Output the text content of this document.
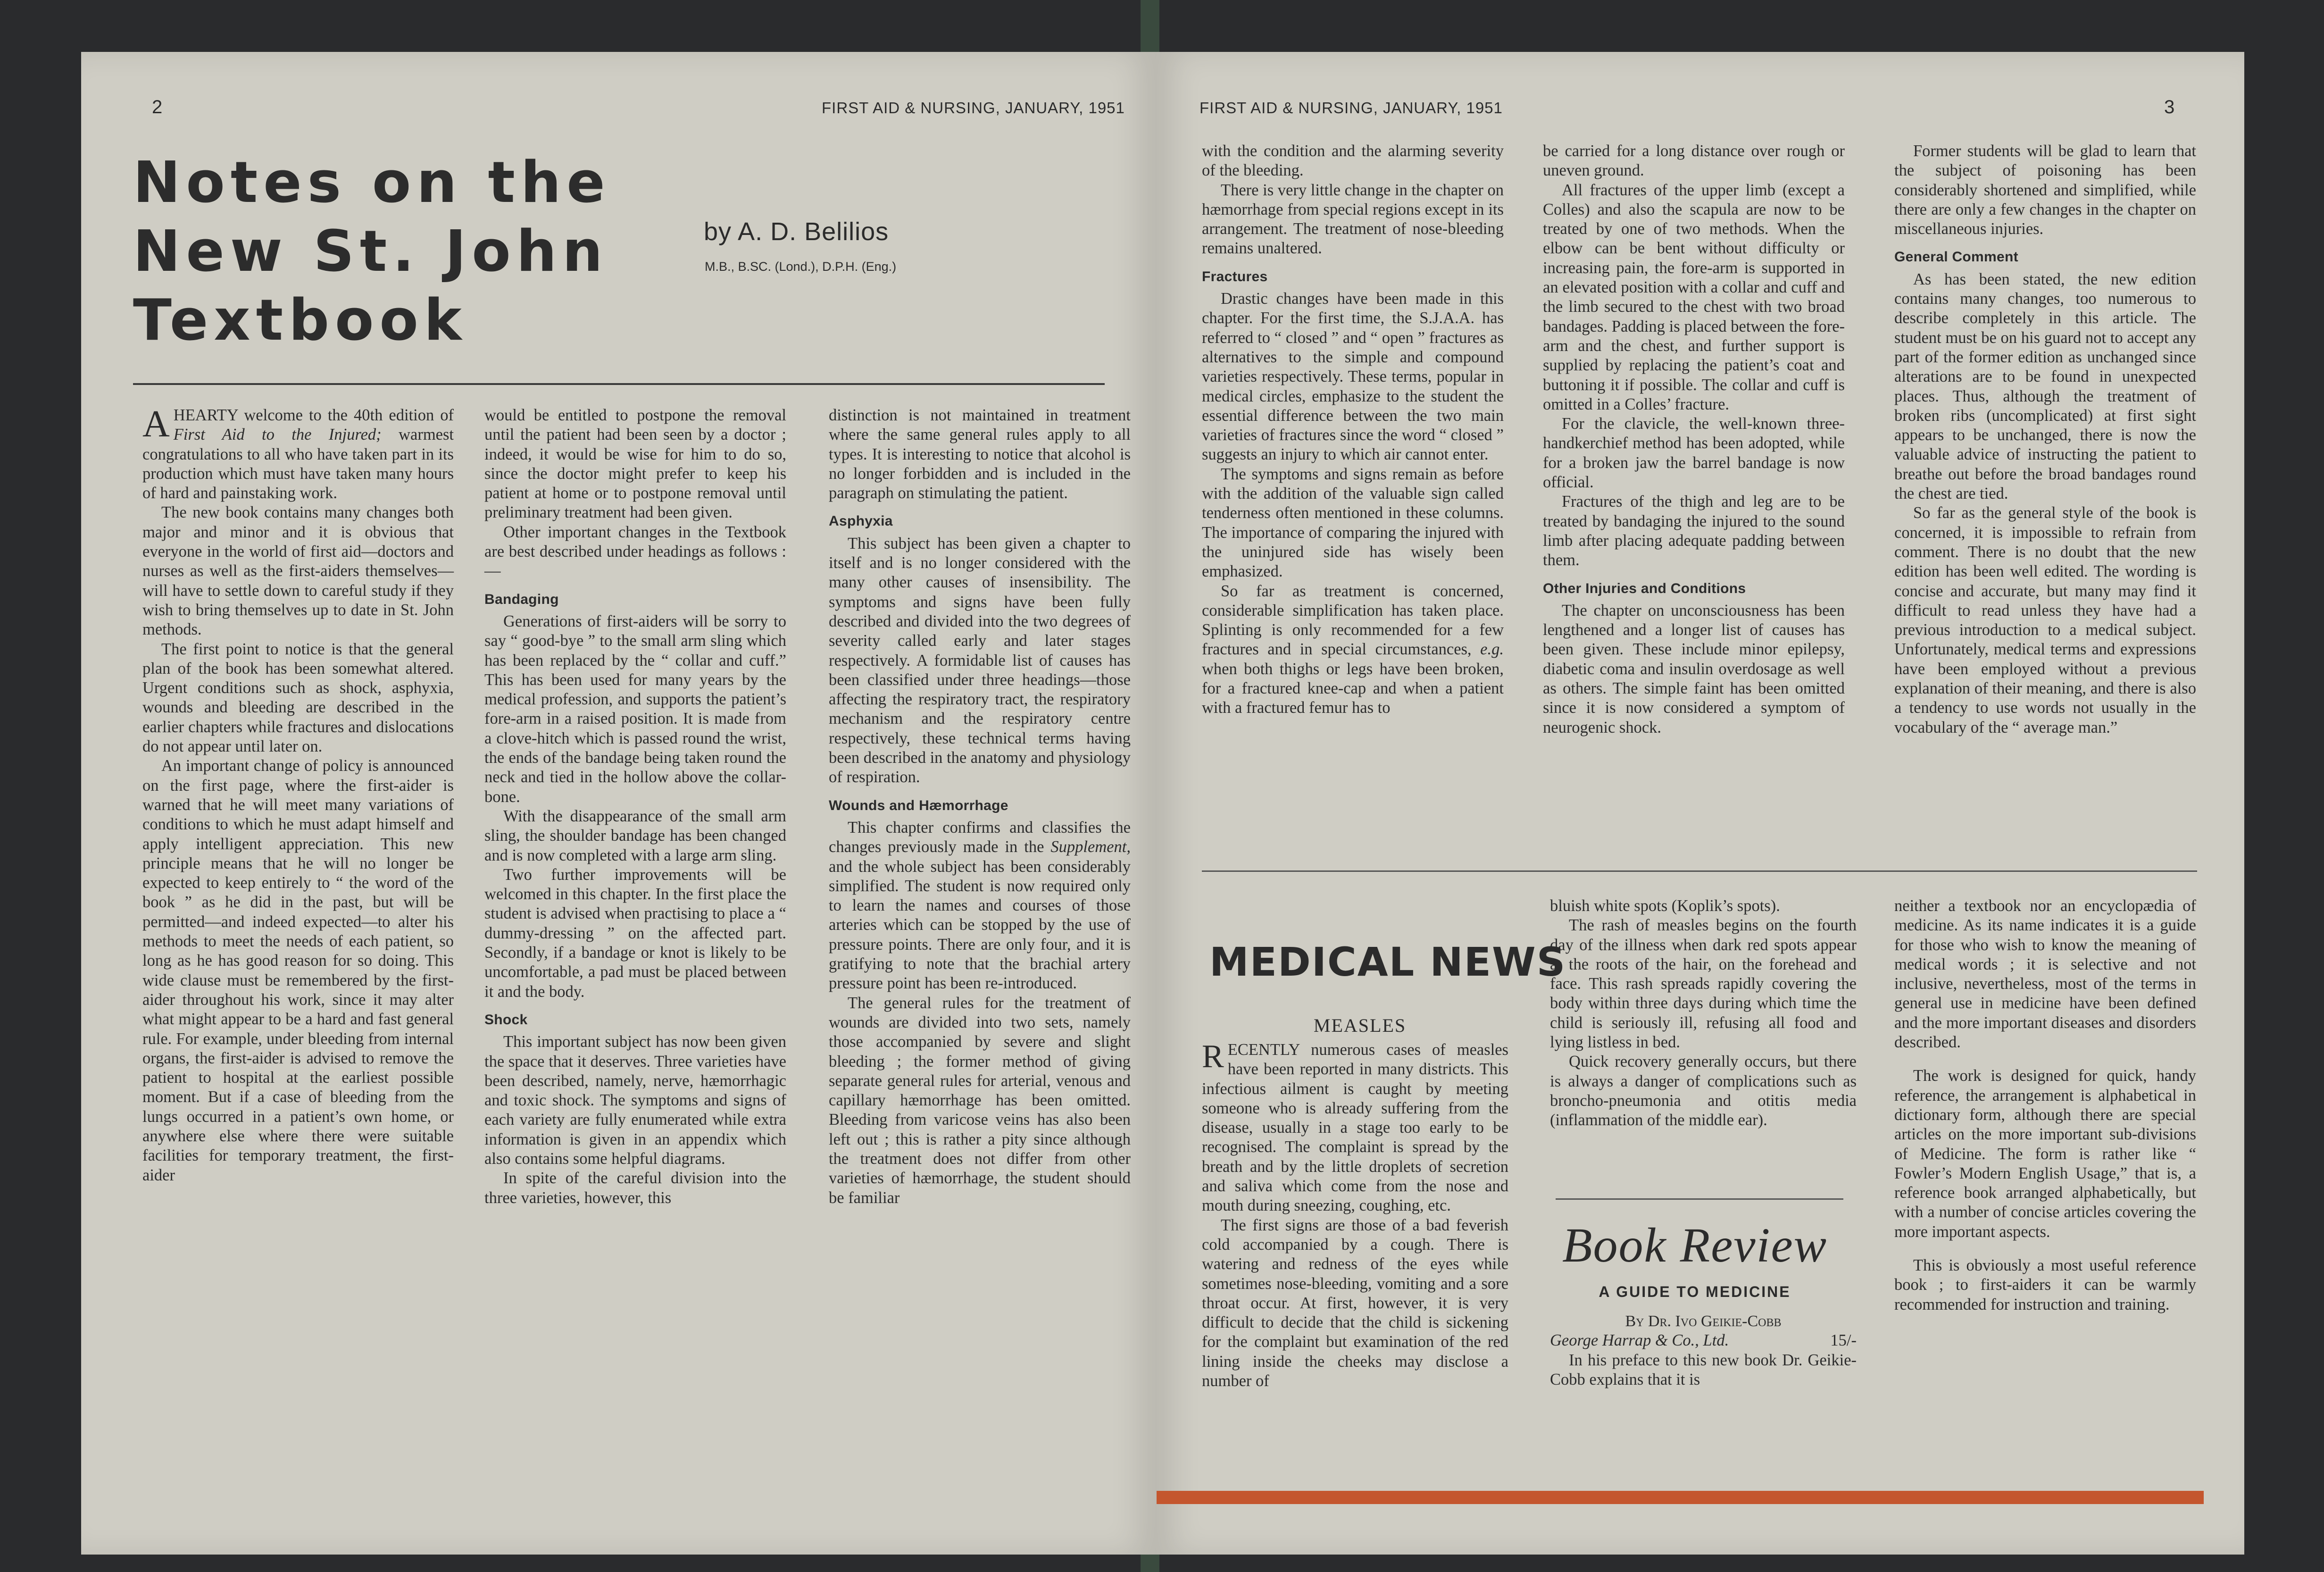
2	FIRST AID & NURSING, JANUARY, 1951
Notes on the
New St. John
Textbook
by A. D. Belilios
M.B., B.SC. (Lond.), D.P.H. (Eng.)

A HEARTY welcome to the 40th edition of First Aid to the Injured; warmest congratulations to all who have taken part in its production which must have taken many hours of hard and painstaking work.

The new book contains many changes both major and minor and it is obvious that everyone in the world of first aid—doctors and nurses as well as the first-aiders themselves—will have to settle down to careful study if they wish to bring themselves up to date in St. John methods.

The first point to notice is that the general plan of the book has been somewhat altered. Urgent conditions such as shock, asphyxia, wounds and bleeding are described in the earlier chapters while fractures and dislocations do not appear until later on.

An important change of policy is announced on the first page, where the first-aider is warned that he will meet many variations of conditions to which he must adapt himself and apply intelligent appreciation. This new principle means that he will no longer be expected to keep entirely to “ the word of the book ” as he did in the past, but will be permitted—and indeed expected—to alter his methods to meet the needs of each patient, so long as he has good reason for so doing. This wide clause must be remembered by the first-aider throughout his work, since it may alter what might appear to be a hard and fast general rule. For example, under bleeding from internal organs, the first-aider is advised to remove the patient to hospital at the earliest possible moment. But if a case of bleeding from the lungs occurred in a patient’s own home, or anywhere else where there were suitable facilities for temporary treatment, the first-aider

would be entitled to postpone the removal until the patient had been seen by a doctor ; indeed, it would be wise for him to do so, since the doctor might prefer to keep his patient at home or to postpone removal until preliminary treatment had been given.

Other important changes in the Textbook are best described under headings as follows :—

Bandaging

Generations of first-aiders will be sorry to say “ good-bye ” to the small arm sling which has been replaced by the “ collar and cuff.” This has been used for many years by the medical profession, and supports the patient’s fore-arm in a raised position. It is made from a clove-hitch which is passed round the wrist, the ends of the bandage being taken round the neck and tied in the hollow above the collar-bone.

With the disappearance of the small arm sling, the shoulder bandage has been changed and is now completed with a large arm sling.

Two further improvements will be welcomed in this chapter. In the first place the student is advised when practising to place a “ dummy-dressing ” on the affected part. Secondly, if a bandage or knot is likely to be uncomfortable, a pad must be placed between it and the body.

Shock

This important subject has now been given the space that it deserves. Three varieties have been described, namely, nerve, hæmorrhagic and toxic shock. The symptoms and signs of each variety are fully enumerated while extra information is given in an appendix which also contains some helpful diagrams.

In spite of the careful division into the three varieties, however, this

distinction is not maintained in treatment where the same general rules apply to all types. It is interesting to notice that alcohol is no longer forbidden and is included in the paragraph on stimulating the patient.

Asphyxia

This subject has been given a chapter to itself and is no longer considered with the many other causes of insensibility. The symptoms and signs have been fully described and divided into the two degrees of severity called early and later stages respectively. A formidable list of causes has been classified under three headings—those affecting the respiratory tract, the respiratory mechanism and the respiratory centre respectively, these technical terms having been described in the anatomy and physiology of respiration.

Wounds and Hæmorrhage

This chapter confirms and classifies the changes previously made in the Supplement, and the whole subject has been considerably simplified. The student is now required only to learn the names and courses of those arteries which can be stopped by the use of pressure points. There are only four, and it is gratifying to note that the brachial artery pressure point has been re-introduced.

The general rules for the treatment of wounds are divided into two sets, namely those accompanied by severe and slight bleeding ; the former method of giving separate general rules for arterial, venous and capillary hæmorrhage has been omitted. Bleeding from varicose veins has also been left out ; this is rather a pity since although the treatment does not differ from other varieties of hæmorrhage, the student should be familiar

FIRST AID & NURSING, JANUARY, 1951	3

with the condition and the alarming severity of the bleeding.

There is very little change in the chapter on hæmorrhage from special regions except in its arrangement. The treatment of nose-bleeding remains unaltered.

Fractures

Drastic changes have been made in this chapter. For the first time, the S.J.A.A. has referred to “ closed ” and “ open ” fractures as alternatives to the simple and compound varieties respectively. These terms, popular in medical circles, emphasize to the student the essential difference between the two main varieties of fractures since the word “ closed ” suggests an injury to which air cannot enter.

The symptoms and signs remain as before with the addition of the valuable sign called tenderness often mentioned in these columns. The importance of comparing the injured with the uninjured side has wisely been emphasized.

So far as treatment is concerned, considerable simplification has taken place. Splinting is only recommended for a few fractures and in special circumstances, e.g. when both thighs or legs have been broken, for a fractured knee-cap and when a patient with a fractured femur has to

be carried for a long distance over rough or uneven ground.

All fractures of the upper limb (except a Colles) and also the scapula are now to be treated by one of two methods. When the elbow can be bent without difficulty or increasing pain, the fore-arm is supported in an elevated position with a collar and cuff and the limb secured to the chest with two broad bandages. Padding is placed between the fore-arm and the chest, and further support is supplied by replacing the patient’s coat and buttoning it if possible. The collar and cuff is omitted in a Colles’ fracture.

For the clavicle, the well-known three-handkerchief method has been adopted, while for a broken jaw the barrel bandage is now official.

Fractures of the thigh and leg are to be treated by bandaging the injured to the sound limb after placing adequate padding between them.

Other Injuries and Conditions

The chapter on unconsciousness has been lengthened and a longer list of causes has been given. These include minor epilepsy, diabetic coma and insulin overdosage as well as others. The simple faint has been omitted since it is now considered a symptom of neurogenic shock.

Former students will be glad to learn that the subject of poisoning has been considerably shortened and simplified, while there are only a few changes in the chapter on miscellaneous injuries.

General Comment

As has been stated, the new edition contains many changes, too numerous to describe completely in this article. The student must be on his guard not to accept any part of the former edition as unchanged since alterations are to be found in unexpected places. Thus, although the treatment of broken ribs (uncomplicated) at first sight appears to be unchanged, there is now the valuable advice of instructing the patient to breathe out before the broad bandages round the chest are tied.

So far as the general style of the book is concerned, it is impossible to refrain from comment. There is no doubt that the new edition has been well edited. The wording is concise and accurate, but many may find it difficult to read unless they have had a previous introduction to a medical subject. Unfortunately, medical terms and expressions have been employed without a previous explanation of their meaning, and there is also a tendency to use words not usually in the vocabulary of the “ average man.”

MEDICAL NEWS
MEASLES

RECENTLY numerous cases of measles have been reported in many districts. This infectious ailment is caught by meeting someone who is already suffering from the disease, usually in a stage too early to be recognised. The complaint is spread by the breath and by the little droplets of secretion and saliva which come from the nose and mouth during sneezing, coughing, etc.

The first signs are those of a bad feverish cold accompanied by a cough. There is watering and redness of the eyes while sometimes nose-bleeding, vomiting and a sore throat occur. At first, however, it is very difficult to decide that the child is sickening for the complaint but examination of the red lining inside the cheeks may disclose a number of

bluish white spots (Koplik’s spots).

The rash of measles begins on the fourth day of the illness when dark red spots appear at the roots of the hair, on the forehead and face. This rash spreads rapidly covering the body within three days during which time the child is seriously ill, refusing all food and lying listless in bed.

Quick recovery generally occurs, but there is always a danger of complications such as broncho-pneumonia and otitis media (inflammation of the middle ear).

Book Review
A GUIDE TO MEDICINE
By Dr. Ivo Geikie-Cobb
George Harrap & Co., Ltd.	15/-

In his preface to this new book Dr. Geikie-Cobb explains that it is

neither a textbook nor an encyclopædia of medicine. As its name indicates it is a guide for those who wish to know the meaning of medical words ; it is selective and not inclusive, nevertheless, most of the terms in general use in medicine have been defined and the more important diseases and disorders described.

The work is designed for quick, handy reference, the arrangement is alphabetical in dictionary form, although there are special articles on the more important sub-divisions of Medicine. The form is rather like “ Fowler’s Modern English Usage,” that is, a reference book arranged alphabetically, but with a number of concise articles covering the more important aspects.

This is obviously a most useful reference book ; to first-aiders it can be warmly recommended for instruction and training.
